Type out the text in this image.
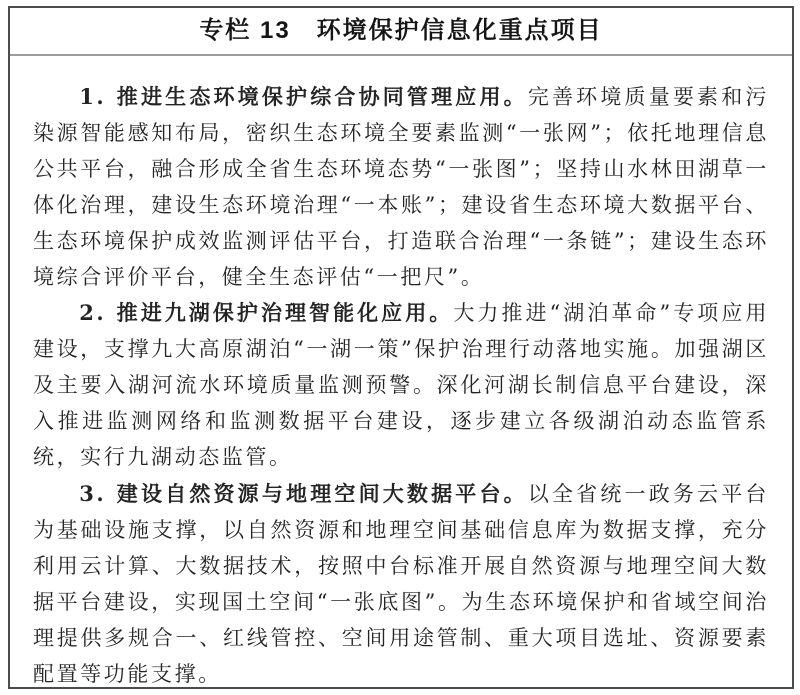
专栏 13　环境保护信息化重点项目

1. 推进生态环境保护综合协同管理应用。完善环境质量要素和污染源智能感知布局，密织生态环境全要素监测“一张网”；依托地理信息公共平台，融合形成全省生态环境态势“一张图”；坚持山水林田湖草一体化治理，建设生态环境治理“一本账”；建设省生态环境大数据平台、生态环境保护成效监测评估平台，打造联合治理“一条链”；建设生态环境综合评价平台，健全生态评估“一把尺”。

2. 推进九湖保护治理智能化应用。大力推进“湖泊革命”专项应用建设，支撑九大高原湖泊“一湖一策”保护治理行动落地实施。加强湖区及主要入湖河流水环境质量监测预警。深化河湖长制信息平台建设，深入推进监测网络和监测数据平台建设，逐步建立各级湖泊动态监管系统，实行九湖动态监管。

3. 建设自然资源与地理空间大数据平台。以全省统一政务云平台为基础设施支撑，以自然资源和地理空间基础信息库为数据支撑，充分利用云计算、大数据技术，按照中台标准开展自然资源与地理空间大数据平台建设，实现国土空间“一张底图”。为生态环境保护和省域空间治理提供多规合一、红线管控、空间用途管制、重大项目选址、资源要素配置等功能支撑。
